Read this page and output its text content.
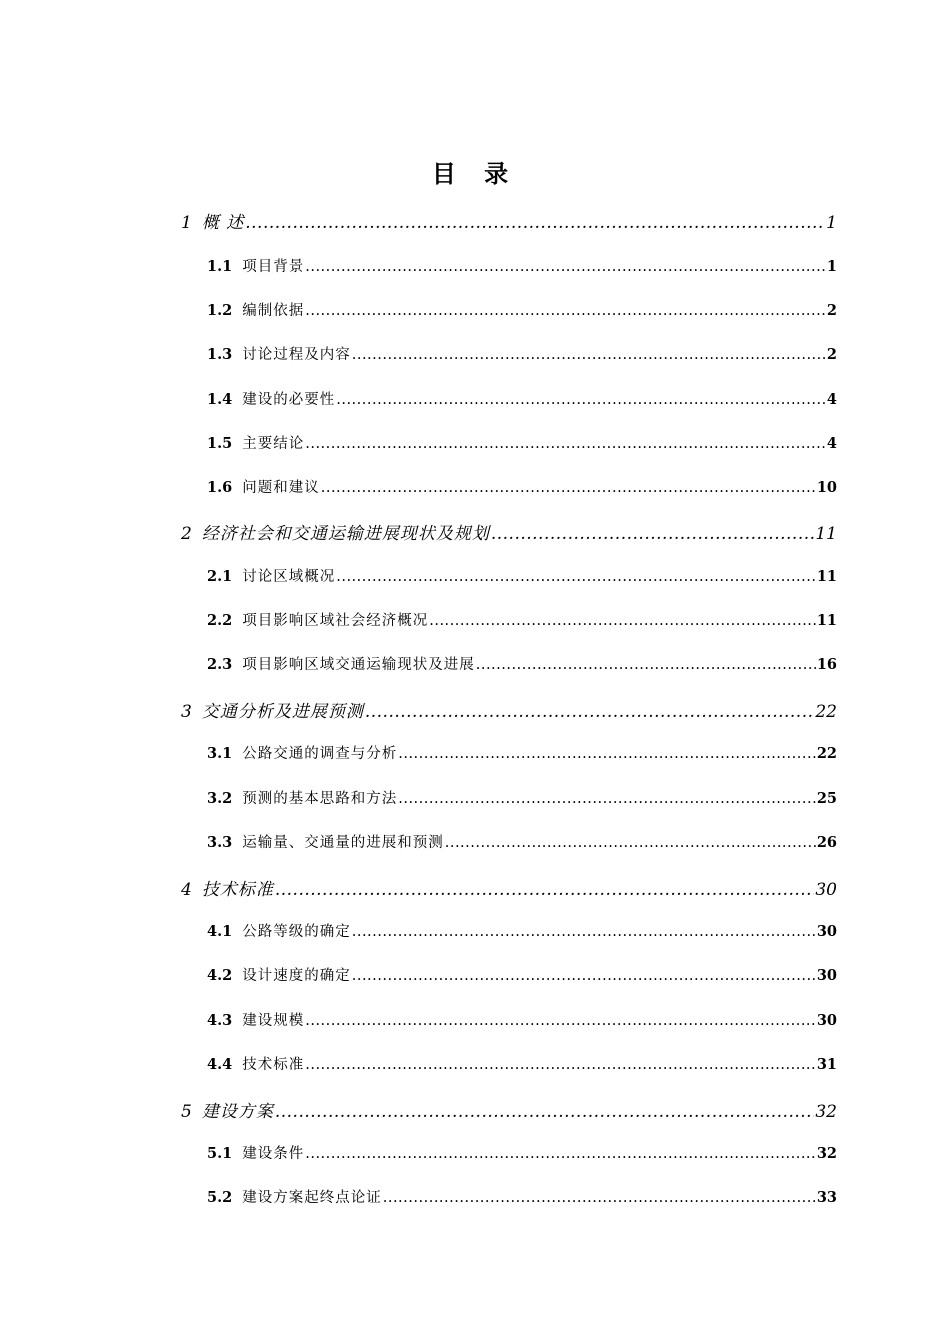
目 录
1 概 述 .....	1
1.1 项目背景 .....	1
1.2 编制依据 .....	2
1.3 讨论过程及内容 .....	2
1.4 建设的必要性 .....	4
1.5 主要结论 .....	4
1.6 问题和建议 .....	10
2 经济社会和交通运输进展现状及规划 .....	11
2.1 讨论区域概况 .....	11
2.2 项目影响区域社会经济概况 .....	11
2.3 项目影响区域交通运输现状及进展 .....	16
3 交通分析及进展预测 .....	22
3.1 公路交通的调查与分析 .....	22
3.2 预测的基本思路和方法 .....	25
3.3 运输量、交通量的进展和预测 .....	26
4 技术标准 .....	30
4.1 公路等级的确定 .....	30
4.2 设计速度的确定 .....	30
4.3 建设规模 .....	30
4.4 技术标准 .....	31
5 建设方案 .....	32
5.1 建设条件 .....	32
5.2 建设方案起终点论证 .....	33
